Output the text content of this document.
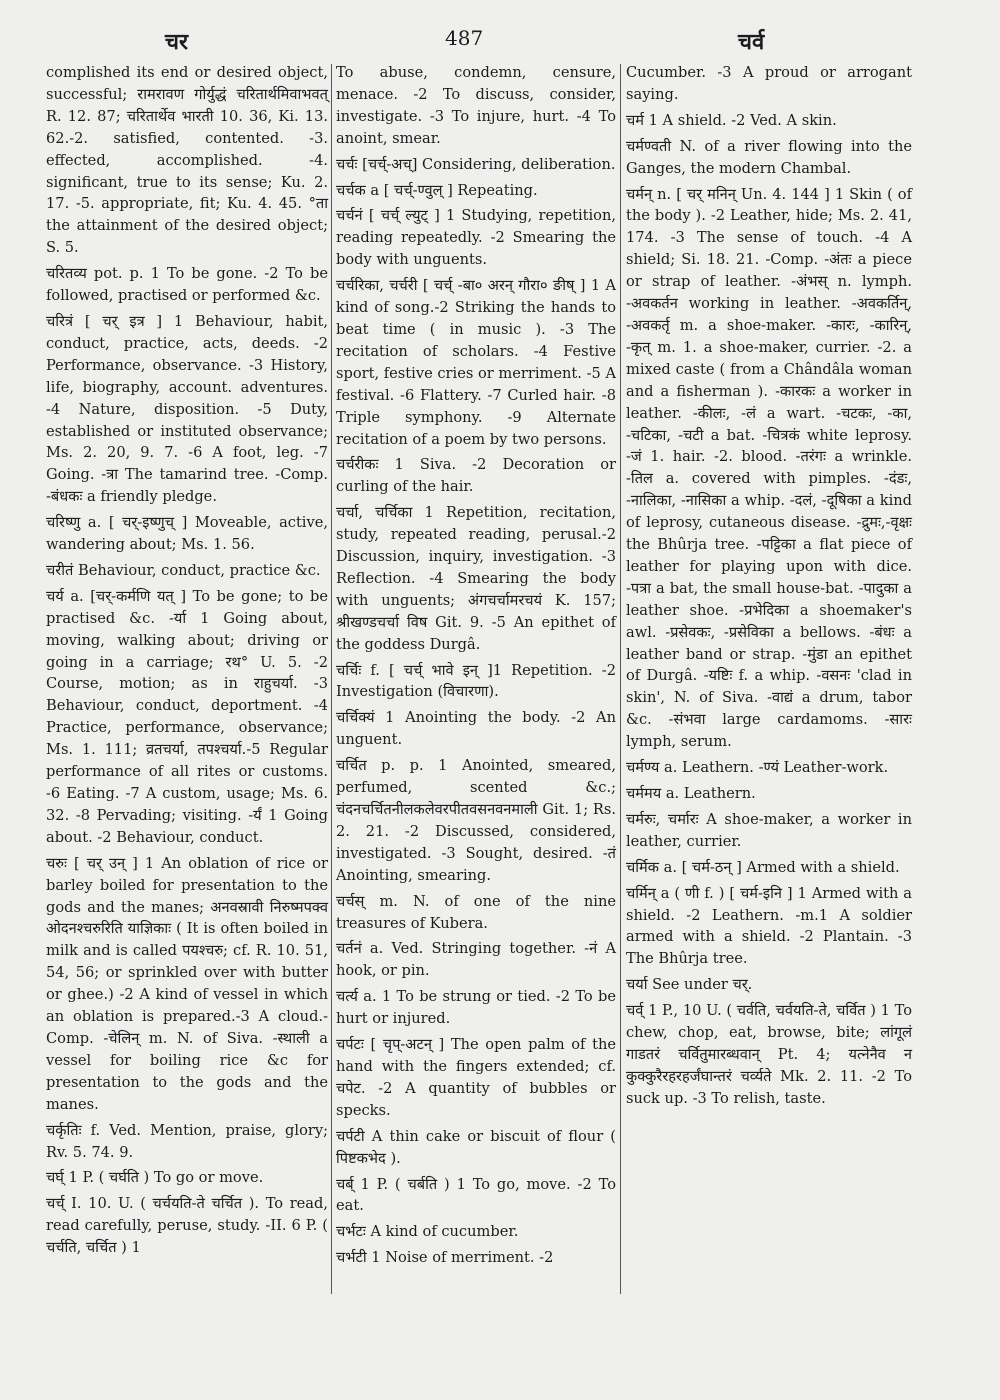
चर	487	चर्व

complished its end or desired object, successful; रामरावण गोर्युद्धं चरितार्थमिवाभवत् R. 12. 87; चरितार्थेव भारती 10. 36, Ki. 13. 62.-2. satisfied, contented. -3. effected, accomplished. -4. significant, true to its sense; Ku. 2. 17. -5. appropriate, fit; Ku. 4. 45. °ता the attainment of the desired object; S. 5.

चरितव्य pot. p. 1 To be gone. -2 To be followed, practised or performed &c.

चरित्रं [ चर् इत्र ] 1 Behaviour, habit, conduct, practice, acts, deeds. -2 Performance, observance. -3 History, life, biography, account. adventures. -4 Nature, disposition. -5 Duty, established or instituted observance; Ms. 2. 20, 9. 7. -6 A foot, leg. -7 Going. -त्रा The tamarind tree. -Comp. -बंधकः a friendly pledge.

चरिष्णु a. [ चर्-इष्णुच् ] Moveable, active, wandering about; Ms. 1. 56.

चरीतं Behaviour, conduct, practice &c.

चर्य a. [चर्-कर्मणि यत् ] To be gone; to be practised &c. -र्या 1 Going about, moving, walking about; driving or going in a carriage; रथ° U. 5. -2 Course, motion; as in राहुचर्या. -3 Behaviour, conduct, deportment. -4 Practice, performance, observance; Ms. 1. 111; व्रतचर्या, तपश्चर्या.-5 Regular performance of all rites or customs. -6 Eating. -7 A custom, usage; Ms. 6. 32. -8 Pervading; visiting. -र्यं 1 Going about. -2 Behaviour, conduct.

चरुः [ चर् उन् ] 1 An oblation of rice or barley boiled for presentation to the gods and the manes; अनवस्रावी निरुष्मपक्व ओदनश्चरुरिति याज्ञिकाः ( It is often boiled in milk and is called पयश्चरु; cf. R. 10. 51, 54, 56; or sprinkled over with butter or ghee.) -2 A kind of vessel in which an oblation is prepared.-3 A cloud.-Comp. -चेलिन् m. N. of Siva. -स्थाली a vessel for boiling rice &c for presentation to the gods and the manes.

चर्कृतिः f. Ved. Mention, praise, glory; Rv. 5. 74. 9.

चर्घ् 1 P. ( चर्घति ) To go or move.

चर्च् I. 10. U. ( चर्चयति-ते चर्चित ). To read, read carefully, peruse, study. -II. 6 P. ( चर्चति, चर्चित ) 1

To abuse, condemn, censure, menace. -2 To discuss, consider, investigate. -3 To injure, hurt. -4 To anoint, smear.

चर्चः [चर्च्-अच्] Considering, deliberation.

चर्चक a [ चर्च्-ण्वुल् ] Repeating.

चर्चनं [ चर्च् ल्युट् ] 1 Studying, repetition, reading repeatedly. -2 Smearing the body with unguents.

चर्चरिका, चर्चरी [ चर्च् -बा० अरन् गौरा० ङीष् ] 1 A kind of song.-2 Striking the hands to beat time ( in music ). -3 The recitation of scholars. -4 Festive sport, festive cries or merriment. -5 A festival. -6 Flattery. -7 Curled hair. -8 Triple symphony. -9 Alternate recitation of a poem by two persons.

चर्चरीकः 1 Siva. -2 Decoration or curling of the hair.

चर्चा, चर्चिका 1 Repetition, recitation, study, repeated reading, perusal.-2 Discussion, inquiry, investigation. -3 Reflection. -4 Smearing the body with unguents; अंगचर्चामरचयं K. 157; श्रीखण्डचर्चा विष Git. 9. -5 An epithet of the goddess Durgâ.

चर्चिः f. [ चर्च् भावे इन् ]1 Repetition. -2 Investigation (विचारणा).

चर्चिक्यं 1 Anointing the body. -2 An unguent.

चर्चित p. p. 1 Anointed, smeared, perfumed, scented &c.; चंदनचर्चितनीलकलेवरपीतवसनवनमाली Git. 1; Rs. 2. 21. -2 Discussed, considered, investigated. -3 Sought, desired. -तं Anointing, smearing.

चर्चस् m. N. of one of the nine treasures of Kubera.

चर्तनं a. Ved. Stringing together. -नं A hook, or pin.

चर्त्य a. 1 To be strung or tied. -2 To be hurt or injured.

चर्पटः [ चृप्-अटन् ] The open palm of the hand with the fingers extended; cf. चपेट. -2 A quantity of bubbles or specks.

चर्पटी A thin cake or biscuit of flour ( पिष्टकभेद ).

चर्ब् 1 P. ( चर्बति ) 1 To go, move. -2 To eat.

चर्भटः A kind of cucumber.

चर्भटी 1 Noise of merriment. -2

Cucumber. -3 A proud or arrogant saying.

चर्म 1 A shield. -2 Ved. A skin.

चर्मण्वती N. of a river flowing into the Ganges, the modern Chambal.

चर्मन् n. [ चर् मनिन् Un. 4. 144 ] 1 Skin ( of the body ). -2 Leather, hide; Ms. 2. 41, 174. -3 The sense of touch. -4 A shield; Si. 18. 21. -Comp. -अंतः a piece or strap of leather. -अंभस् n. lymph. -अवकर्तन working in leather. -अवकर्तिन्, -अवकर्तृ m. a shoe-maker. -कारः, -कारिन्, -कृत् m. 1. a shoe-maker, currier. -2. a mixed caste ( from a Chândâla woman and a fisherman ). -कारकः a worker in leather. -कीलः, -लं a wart. -चटकः, -का, -चटिका, -चटी a bat. -चित्रकं white leprosy. -जं 1. hair. -2. blood. -तरंगः a wrinkle. -तिल a. covered with pimples. -दंडः, -नालिका, -नासिका a whip. -दलं, -दूषिका a kind of leprosy, cutaneous disease. -द्रुमः,-वृक्षः the Bhûrja tree. -पट्टिका a flat piece of leather for playing upon with dice. -पत्रा a bat, the small house-bat. -पादुका a leather shoe. -प्रभेदिका a shoemaker's awl. -प्रसेवकः, -प्रसेविका a bellows. -बंधः a leather band or strap. -मुंडा an epithet of Durgâ. -यष्टिः f. a whip. -वसनः 'clad in skin', N. of Siva. -वाद्यं a drum, tabor &c. -संभवा large cardamoms. -सारः lymph, serum.

चर्मण्य a. Leathern. -ण्यं Leather-work.

चर्ममय a. Leathern.

चर्मरुः, चर्मारः A shoe-maker, a worker in leather, currier.

चर्मिक a. [ चर्म-ठन् ] Armed with a shield.

चर्मिन् a ( णी f. ) [ चर्म-इनि ] 1 Armed with a shield. -2 Leathern. -m.1 A soldier armed with a shield. -2 Plantain. -3 The Bhûrja tree.

चर्या See under चर्.

चर्व् 1 P., 10 U. ( चर्वति, चर्वयति-ते, चर्वित ) 1 To chew, chop, eat, browse, bite; लांगूलं गाडतरं चर्वितुमारब्धवान् Pt. 4; यत्नेनैव न कुक्कुरैरहरहर्जंघान्तरं चर्व्यते Mk. 2. 11. -2 To suck up. -3 To relish, taste.
